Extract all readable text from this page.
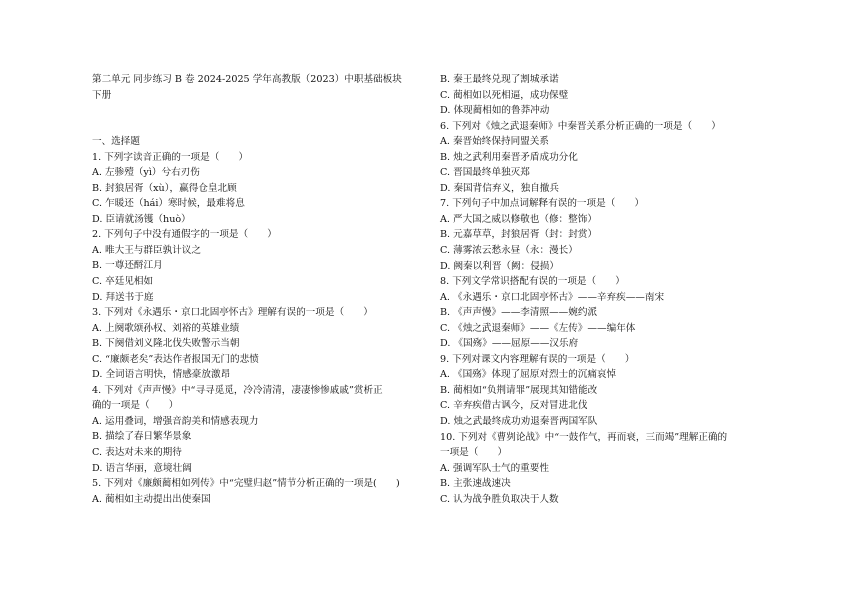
第二单元 同步练习 B 卷 2024-2025 学年高教版（2023）中职基础板块
下册
一、选择题
1. 下列字读音正确的一项是（　　）
A. 左骖殪（yì）兮右刃伤
B. 封狼居胥（xù），赢得仓皇北顾
C. 乍暖还（hái）寒时候，最难将息
D. 臣请就汤镬（huò）
2. 下列句子中没有通假字的一项是（　　）
A. 唯大王与群臣孰计议之
B. 一尊还酹江月
C. 卒廷见相如
D. 拜送书于庭
3. 下列对《永遇乐・京口北固亭怀古》理解有误的一项是（　　）
A. 上阕歌颂孙权、刘裕的英雄业绩
B. 下阕借刘义隆北伐失败警示当朝
C. “廉颇老矣”表达作者报国无门的悲愤
D. 全词语言明快，情感豪放激昂
4. 下列对《声声慢》中“寻寻觅觅，冷冷清清，凄凄惨惨戚戚”赏析正
确的一项是（　　）
A. 运用叠词，增强音韵美和情感表现力
B. 描绘了春日繁华景象
C. 表达对未来的期待
D. 语言华丽，意境壮阔
5. 下列对《廉颇蔺相如列传》中“完璧归赵”情节分析正确的一项是(　　)
A. 蔺相如主动提出出使秦国
B. 秦王最终兑现了割城承诺
C. 蔺相如以死相逼，成功保璧
D. 体现蔺相如的鲁莽冲动
6. 下列对《烛之武退秦师》中秦晋关系分析正确的一项是（　　）
A. 秦晋始终保持同盟关系
B. 烛之武利用秦晋矛盾成功分化
C. 晋国最终单独灭郑
D. 秦国背信弃义，独自撤兵
7. 下列句子中加点词解释有误的一项是（　　）
A. 严大国之威以修敬也（修：整饰）
B. 元嘉草草，封狼居胥（封：封赏）
C. 薄雾浓云愁永昼（永：漫长）
D. 阙秦以利晋（阙：侵损）
8. 下列文学常识搭配有误的一项是（　　）
A. 《永遇乐・京口北固亭怀古》——辛弃疾——南宋
B. 《声声慢》——李清照——婉约派
C. 《烛之武退秦师》——《左传》——编年体
D. 《国殇》——屈原——汉乐府
9. 下列对课文内容理解有误的一项是（　　）
A. 《国殇》体现了屈原对烈士的沉痛哀悼
B. 蔺相如“负荆请罪”展现其知错能改
C. 辛弃疾借古讽今，反对冒进北伐
D. 烛之武最终成功劝退秦晋两国军队
10. 下列对《曹刿论战》中“一鼓作气，再而衰，三而竭”理解正确的
一项是（　　）
A. 强调军队士气的重要性
B. 主张速战速决
C. 认为战争胜负取决于人数
